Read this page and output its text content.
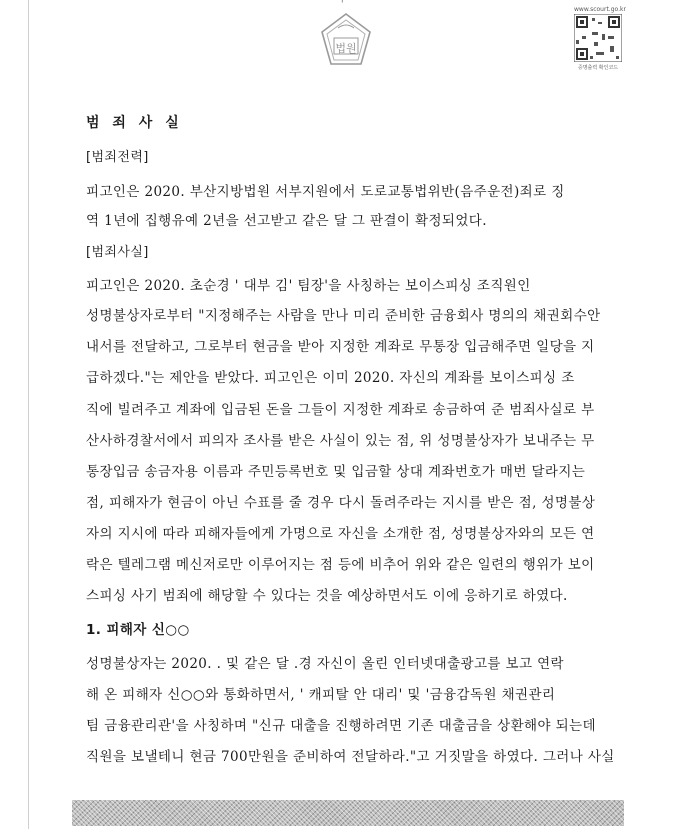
'
법원
www.scourt.go.kr
증명출력 확인코드
범 죄 사 실
[범죄전력]
피고인은 2020. 부산지방법원 서부지원에서 도로교통법위반(음주운전)죄로 징
역 1년에 집행유예 2년을 선고받고 같은 달 그 판결이 확정되었다.
[범죄사실]
피고인은 2020. 초순경 ' 대부 김' 팀장'을 사칭하는 보이스피싱 조직원인
성명불상자로부터 "지정해주는 사람을 만나 미리 준비한 금융회사 명의의 채권회수안
내서를 전달하고, 그로부터 현금을 받아 지정한 계좌로 무통장 입금해주면 일당을 지
급하겠다."는 제안을 받았다. 피고인은 이미 2020. 자신의 계좌를 보이스피싱 조
직에 빌려주고 계좌에 입금된 돈을 그들이 지정한 계좌로 송금하여 준 범죄사실로 부
산사하경찰서에서 피의자 조사를 받은 사실이 있는 점, 위 성명불상자가 보내주는 무
통장입금 송금자용 이름과 주민등록번호 및 입금할 상대 계좌번호가 매번 달라지는
점, 피해자가 현금이 아닌 수표를 줄 경우 다시 돌려주라는 지시를 받은 점, 성명불상
자의 지시에 따라 피해자들에게 가명으로 자신을 소개한 점, 성명불상자와의 모든 연
락은 텔레그램 메신저로만 이루어지는 점 등에 비추어 위와 같은 일련의 행위가 보이
스피싱 사기 범죄에 해당할 수 있다는 것을 예상하면서도 이에 응하기로 하였다.
1. 피해자 신○○
성명불상자는 2020. . 및 같은 달 .경 자신이 올린 인터넷대출광고를 보고 연락
해 온 피해자 신○○와 통화하면서, ' 캐피탈 안 대리' 및 '금융감독원 채권관리
팀 금융관리관'을 사칭하며 "신규 대출을 진행하려면 기존 대출금을 상환해야 되는데
직원을 보낼테니 현금 700만원을 준비하여 전달하라."고 거짓말을 하였다. 그러나 사실
